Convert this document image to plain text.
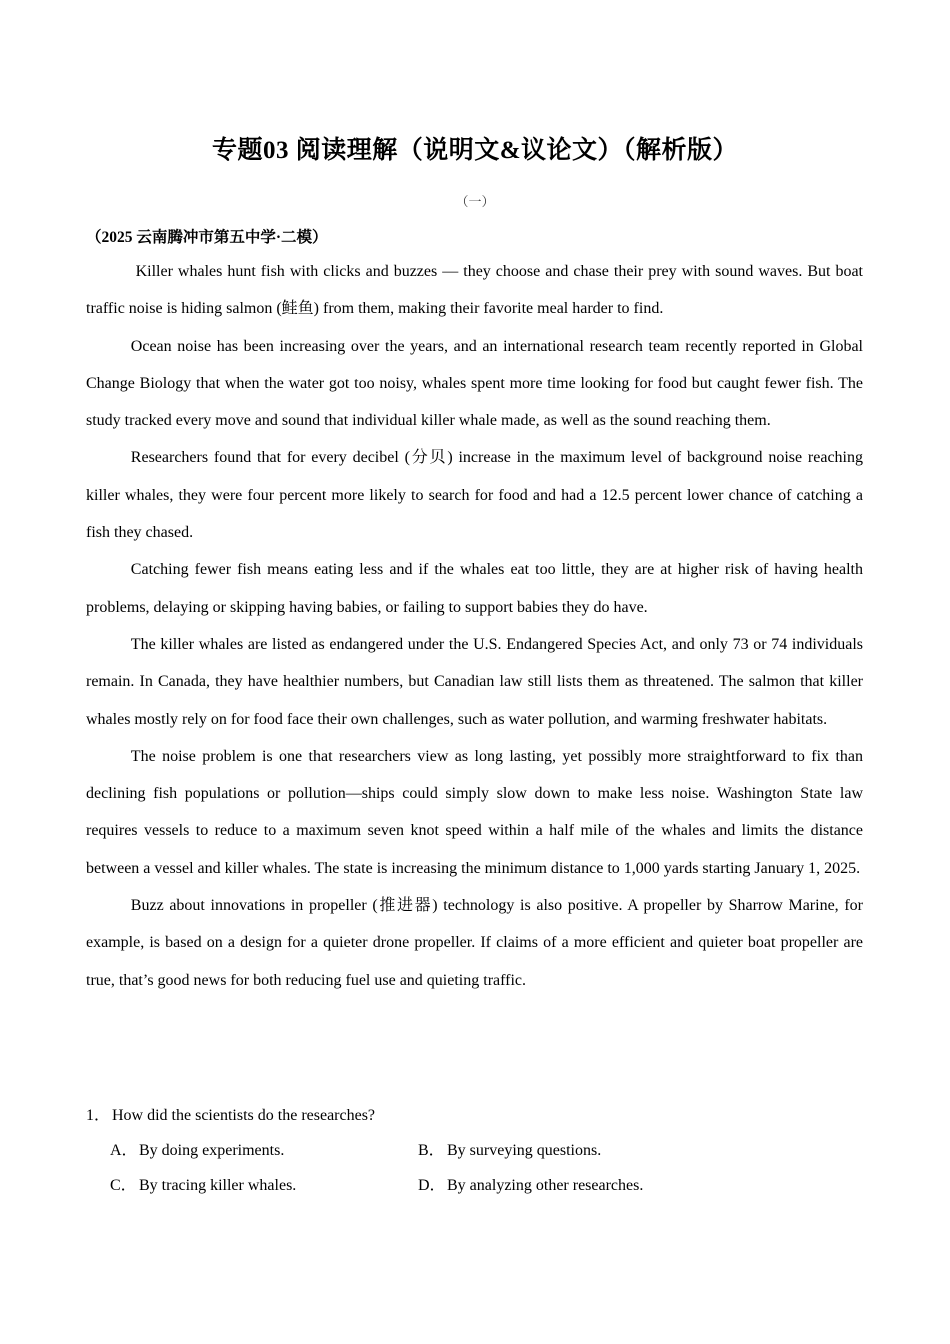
专题03 阅读理解（说明文&议论文）（解析版）
（一）
（2025 云南腾冲市第五中学·二模）

Killer whales hunt fish with clicks and buzzes — they choose and chase their prey with sound waves. But boat traffic noise is hiding salmon (鲑鱼) from them, making their favorite meal harder to find.

Ocean noise has been increasing over the years, and an international research team recently reported in Global Change Biology that when the water got too noisy, whales spent more time looking for food but caught fewer fish. The study tracked every move and sound that individual killer whale made, as well as the sound reaching them.

Researchers found that for every decibel (分贝) increase in the maximum level of background noise reaching killer whales, they were four percent more likely to search for food and had a 12.5 percent lower chance of catching a fish they chased.

Catching fewer fish means eating less and if the whales eat too little, they are at higher risk of having health problems, delaying or skipping having babies, or failing to support babies they do have.

The killer whales are listed as endangered under the U.S. Endangered Species Act, and only 73 or 74 individuals remain. In Canada, they have healthier numbers, but Canadian law still lists them as threatened. The salmon that killer whales mostly rely on for food face their own challenges, such as water pollution, and warming freshwater habitats.

The noise problem is one that researchers view as long lasting, yet possibly more straightforward to fix than declining fish populations or pollution—ships could simply slow down to make less noise. Washington State law requires vessels to reduce to a maximum seven knot speed within a half mile of the whales and limits the distance between a vessel and killer whales. The state is increasing the minimum distance to 1,000 yards starting January 1, 2025.

Buzz about innovations in propeller (推进器) technology is also positive. A propeller by Sharrow Marine, for example, is based on a design for a quieter drone propeller. If claims of a more efficient and quieter boat propeller are true, that’s good news for both reducing fuel use and quieting traffic.

1． How did the scientists do the researches?

A．By doing experiments.	B． By surveying questions.
C． By tracing killer whales.	D．By analyzing other researches.
